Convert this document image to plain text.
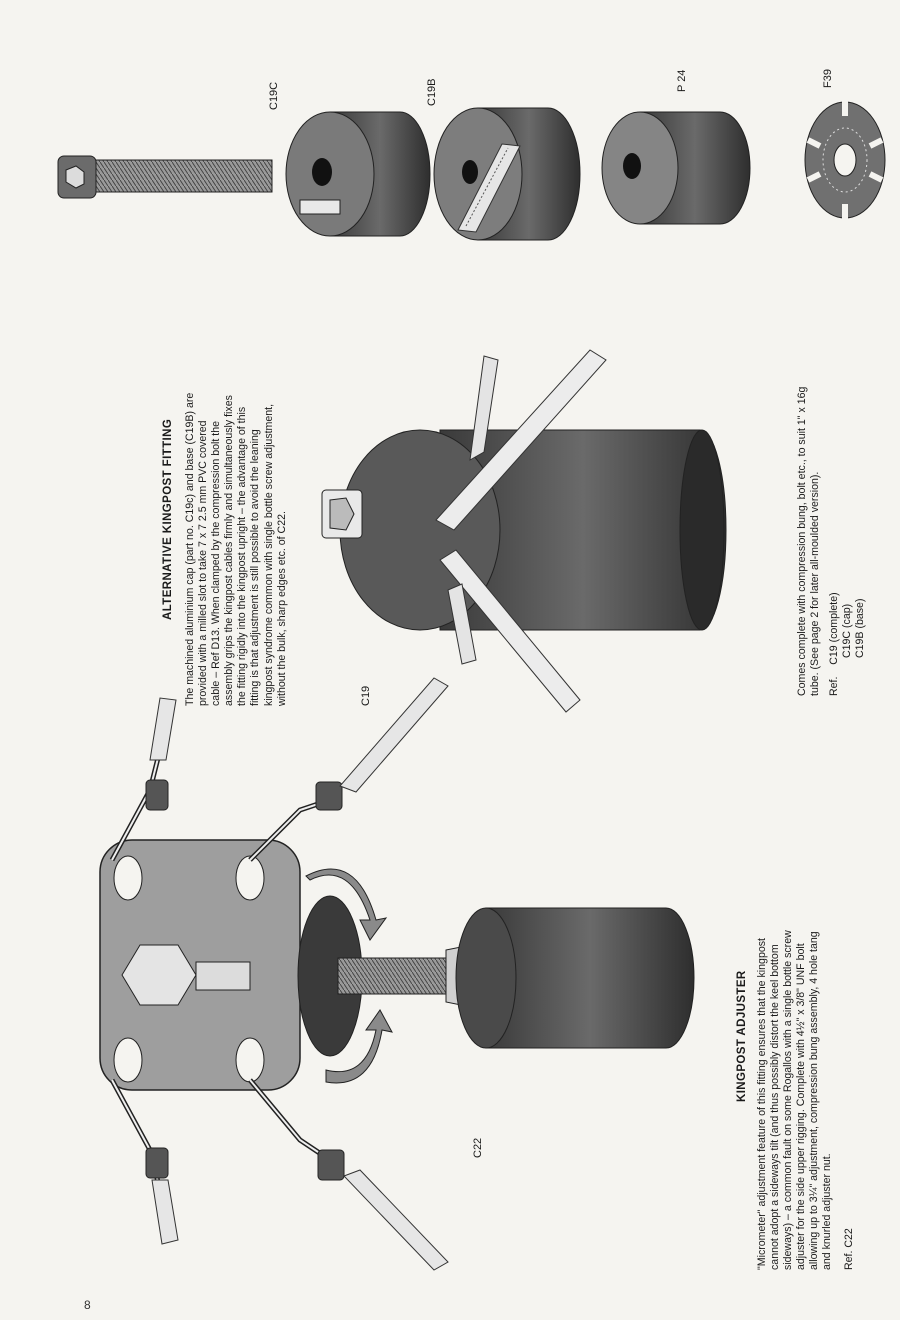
C19C	C19B	P 24	F39
ALTERNATIVE KINGPOST FITTING The machined aluminium cap (part no. C19c) and base (C19B) are provided with a milled slot to take 7 x 7 2.5 mm PVC covered cable – Ref D13. When clamped by the compression bolt the assembly grips the kingpost cables firmly and simultaneously fixes the fitting rigidly into the kingpost upright – the advantage of this fitting is that adjustment is still possible to avoid the leaning kingpost syndrome common with single bottle screw adjustment, without the bulk, sharp edges etc. of C22.	C19	Comes complete with compression bung, bolt etc., to suit 1" x 16g tube. (See page 2 for later all-moulded version). Ref.    C19 (complete) C19C (cap) C19B (base)
C22
KINGPOST ADJUSTER "Micrometer" adjustment feature of this fitting ensures that the kingpost cannot adopt a sideways tilt (and thus possibly distort the keel bottom sideways) – a common fault on some Rogallos with a single bottle screw adjuster for the side upper rigging. Complete with 4½" x 3/8" UNF bolt allowing up to 3¼" adjustment, compression bung assembly, 4 hole tang and knurled adjuster nut. Ref. C22
8
